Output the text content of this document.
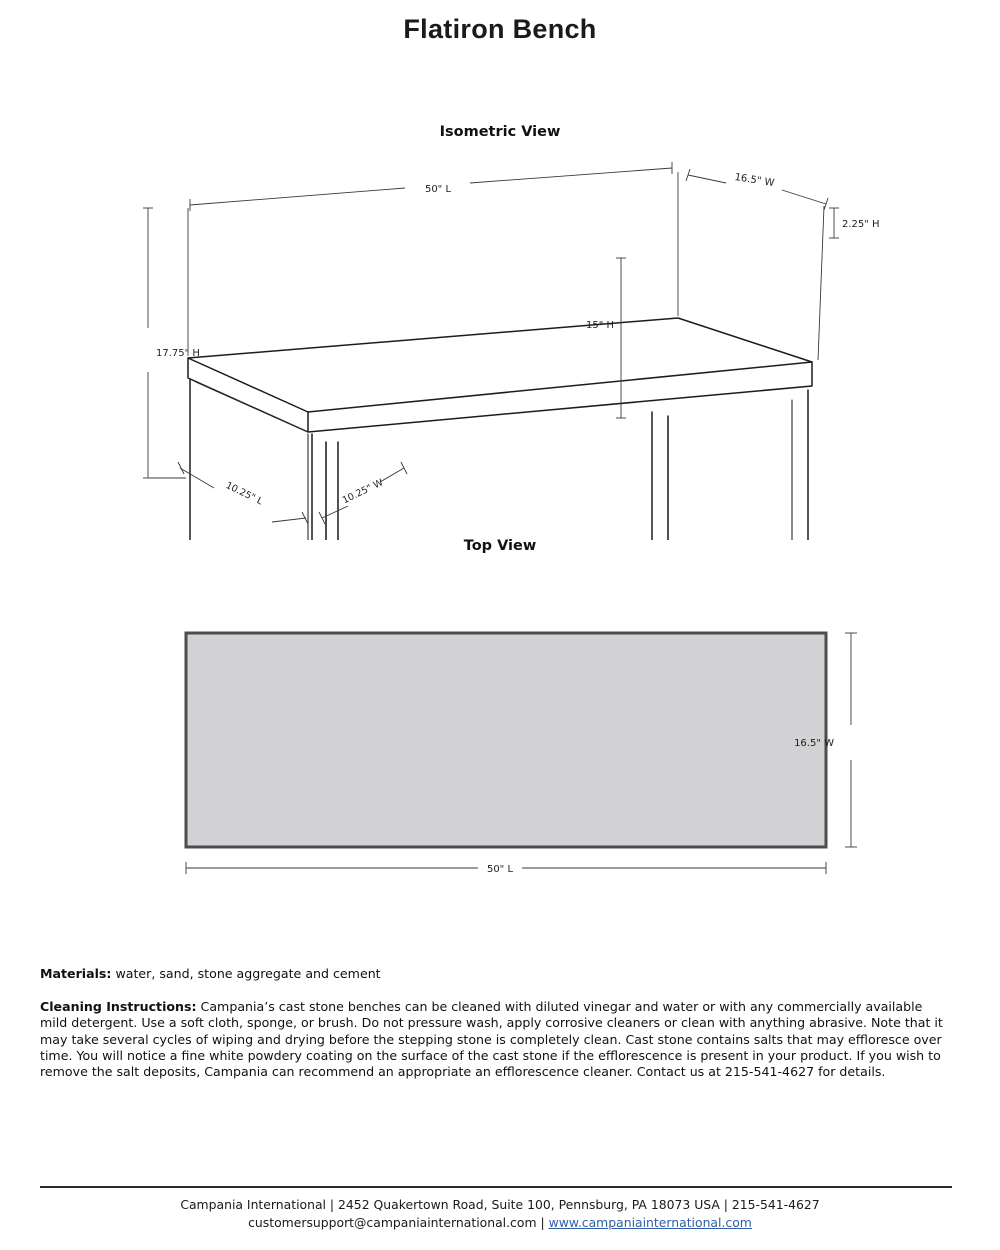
Flatiron Bench
Isometric View
50" L
16.5" W
2.25" H
15" H
17.75" H
10.25" L	10.25" W
Top View
16.5" W
50" L
Materials: water, sand, stone aggregate and cement
Cleaning Instructions: Campania’s cast stone benches can be cleaned with diluted vinegar and water or with any commercially available mild detergent. Use a soft cloth, sponge, or brush. Do not pressure wash, apply corrosive cleaners or clean with anything abrasive. Note that it may take several cycles of wiping and drying before the stepping stone is completely clean. Cast stone contains salts that may effloresce over time. You will notice a fine white powdery coating on the surface of the cast stone if the efflorescence is present in your product. If you wish to remove the salt deposits, Campania can recommend an appropriate an efflorescence cleaner. Contact us at 215-541-4627 for details.
Campania International | 2452 Quakertown Road, Suite 100, Pennsburg, PA 18073 USA | 215-541-4627
customersupport@campaniainternational.com | www.campaniainternational.com
